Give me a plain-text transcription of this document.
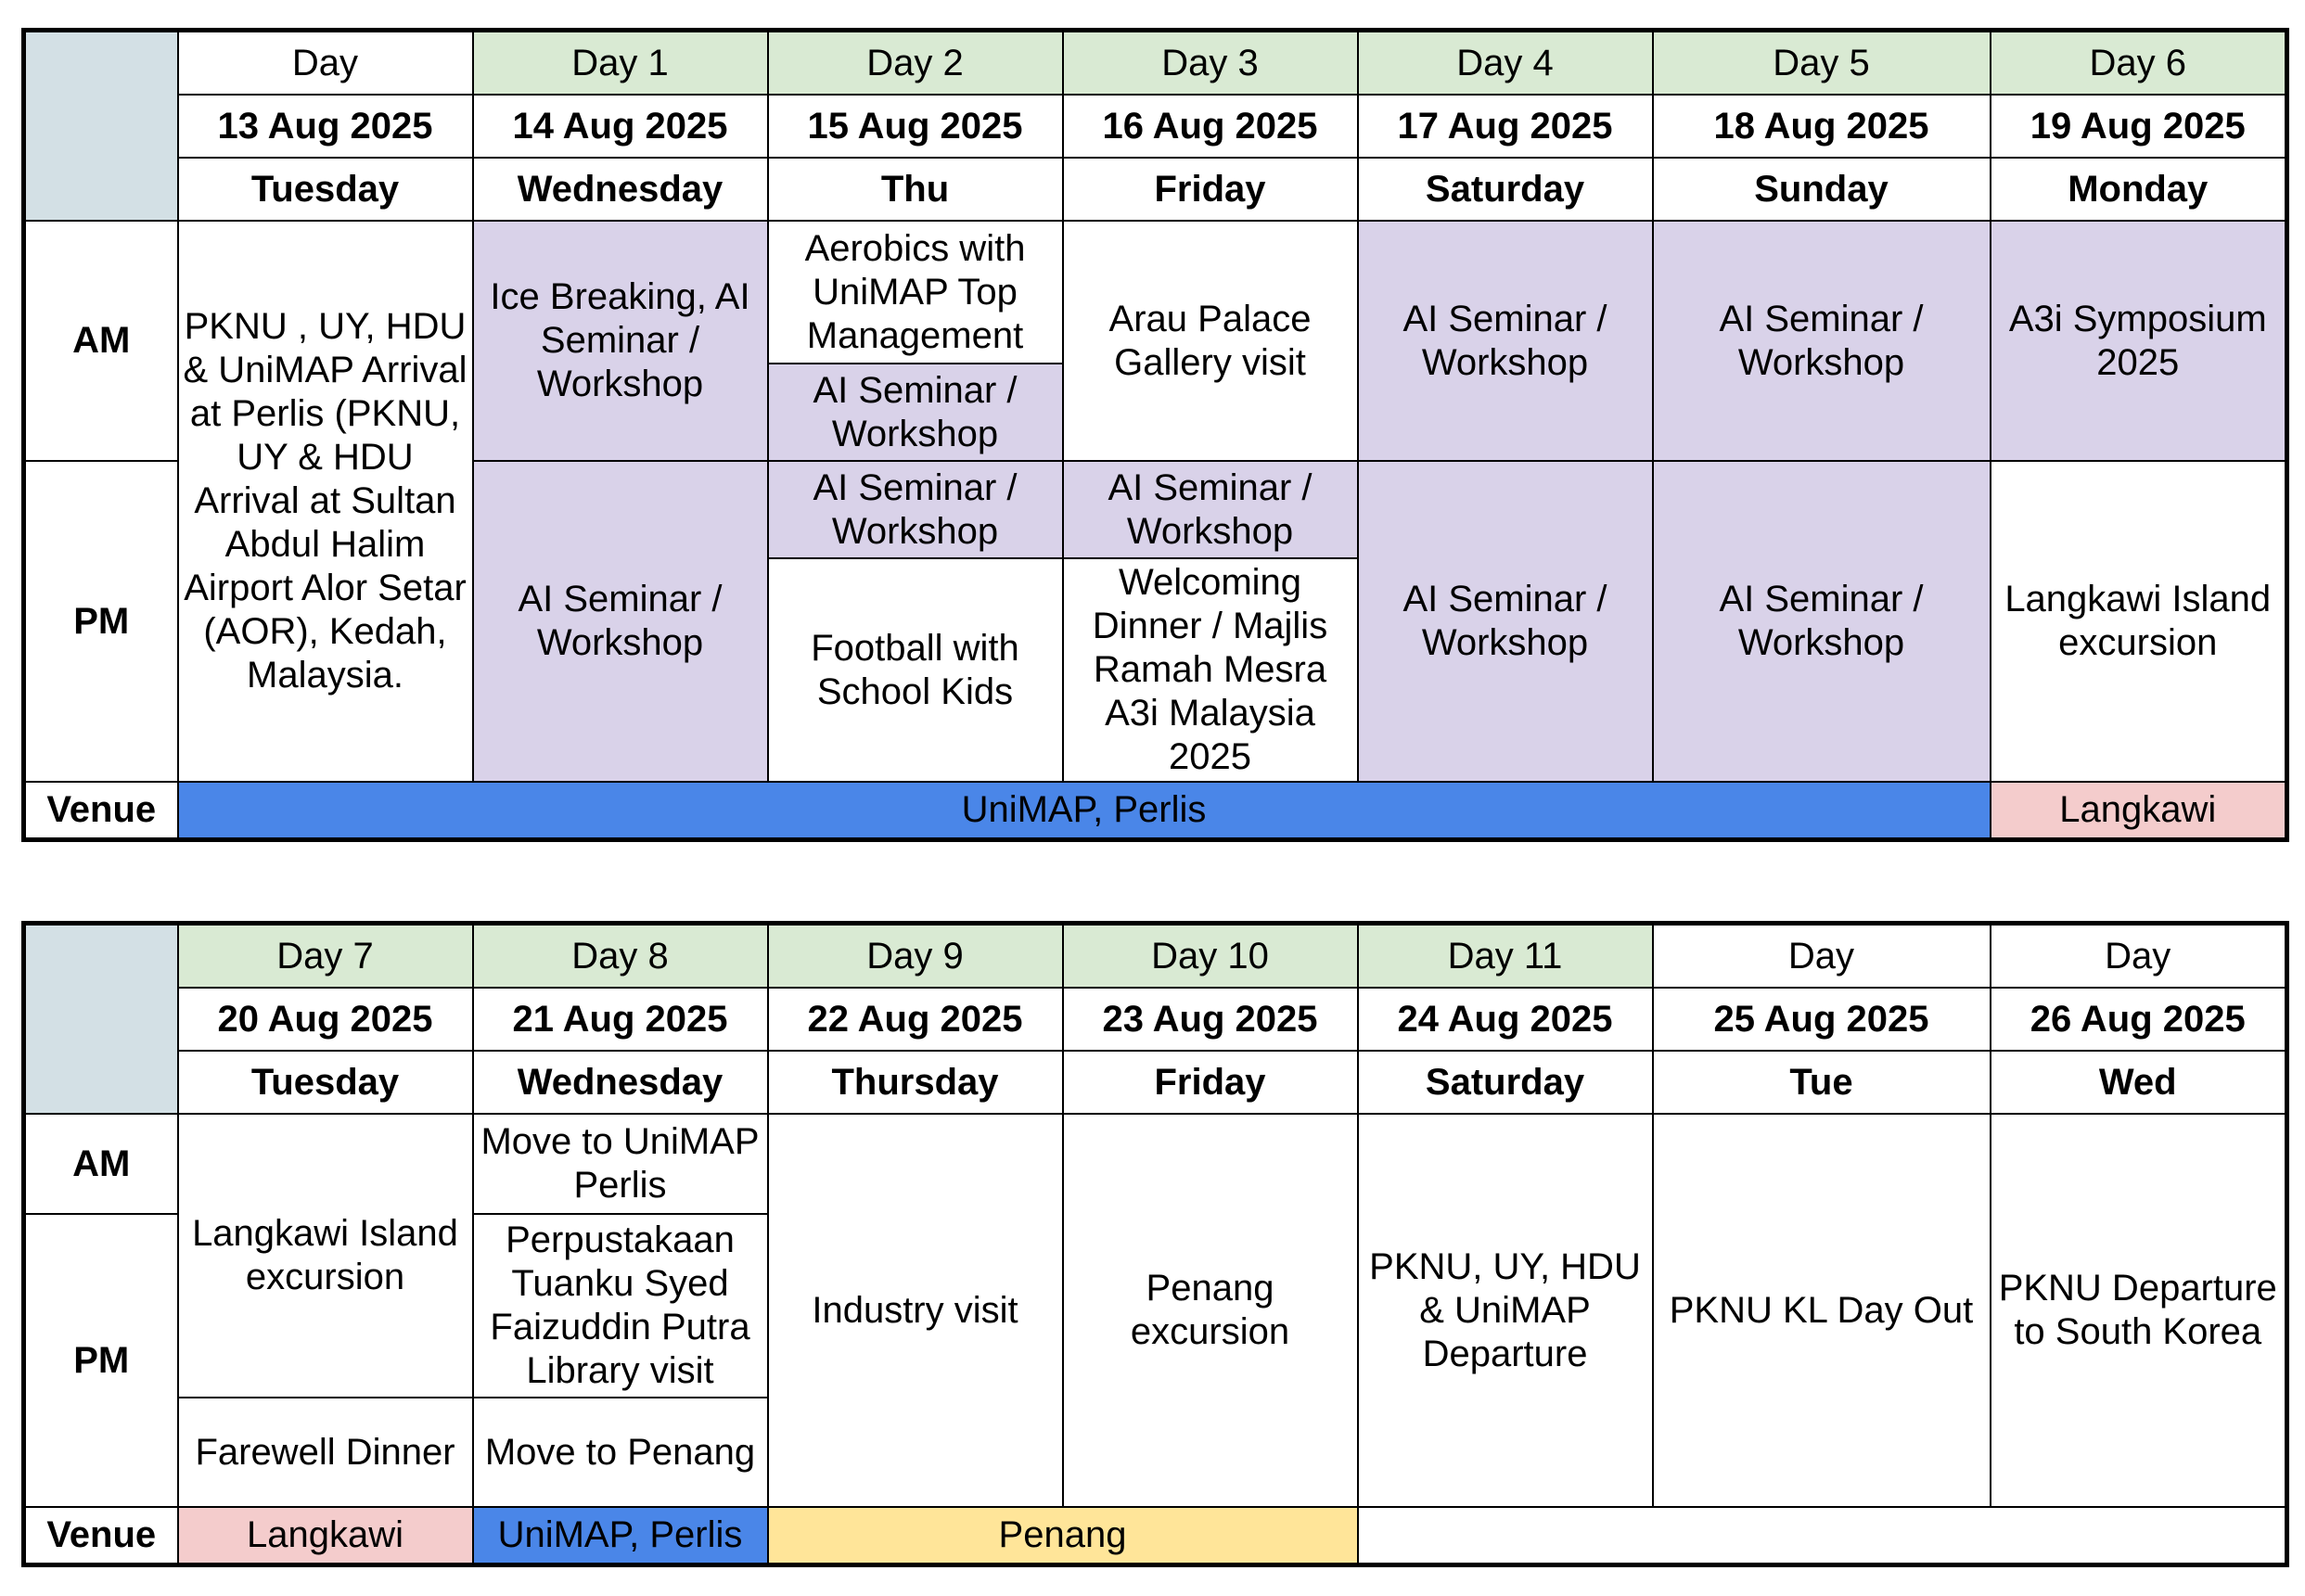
	Day	Day 1	Day 2	Day 3	Day 4	Day 5	Day 6
	13 Aug 2025	14 Aug 2025	15 Aug 2025	16 Aug 2025	17 Aug 2025	18 Aug 2025	19 Aug 2025
	Tuesday	Wednesday	Thu	Friday	Saturday	Sunday	Monday
AM	PKNU , UY, HDU & UniMAP Arrival at Perlis (PKNU, UY & HDU Arrival at Sultan Abdul Halim Airport Alor Setar (AOR), Kedah, Malaysia.	Ice Breaking, AI Seminar / Workshop	Aerobics with UniMAP Top Management	Arau Palace Gallery visit	AI Seminar / Workshop	AI Seminar / Workshop	A3i Symposium 2025
			AI Seminar / Workshop				
PM		AI Seminar / Workshop	AI Seminar / Workshop	AI Seminar / Workshop	AI Seminar / Workshop	AI Seminar / Workshop	Langkawi Island excursion
			Football with School Kids	Welcoming Dinner / Majlis Ramah Mesra A3i Malaysia 2025			

Venue	UniMAP, Perlis						Langkawi
	Day 7	Day 8	Day 9	Day 10	Day 11	Day	Day
	20 Aug 2025	21 Aug 2025	22 Aug 2025	23 Aug 2025	24 Aug 2025	25 Aug 2025	26 Aug 2025
	Tuesday	Wednesday	Thursday	Friday	Saturday	Tue	Wed
AM	Langkawi Island excursion	Move to UniMAP Perlis	Industry visit	Penang excursion	PKNU, UY, HDU & UniMAP Departure	PKNU KL Day Out	PKNU Departure to South Korea
PM		Perpustakaan Tuanku Syed Faizuddin Putra Library visit					
	Farewell Dinner	Move to Penang					
Venue	Langkawi	UniMAP, Perlis	Penang				
